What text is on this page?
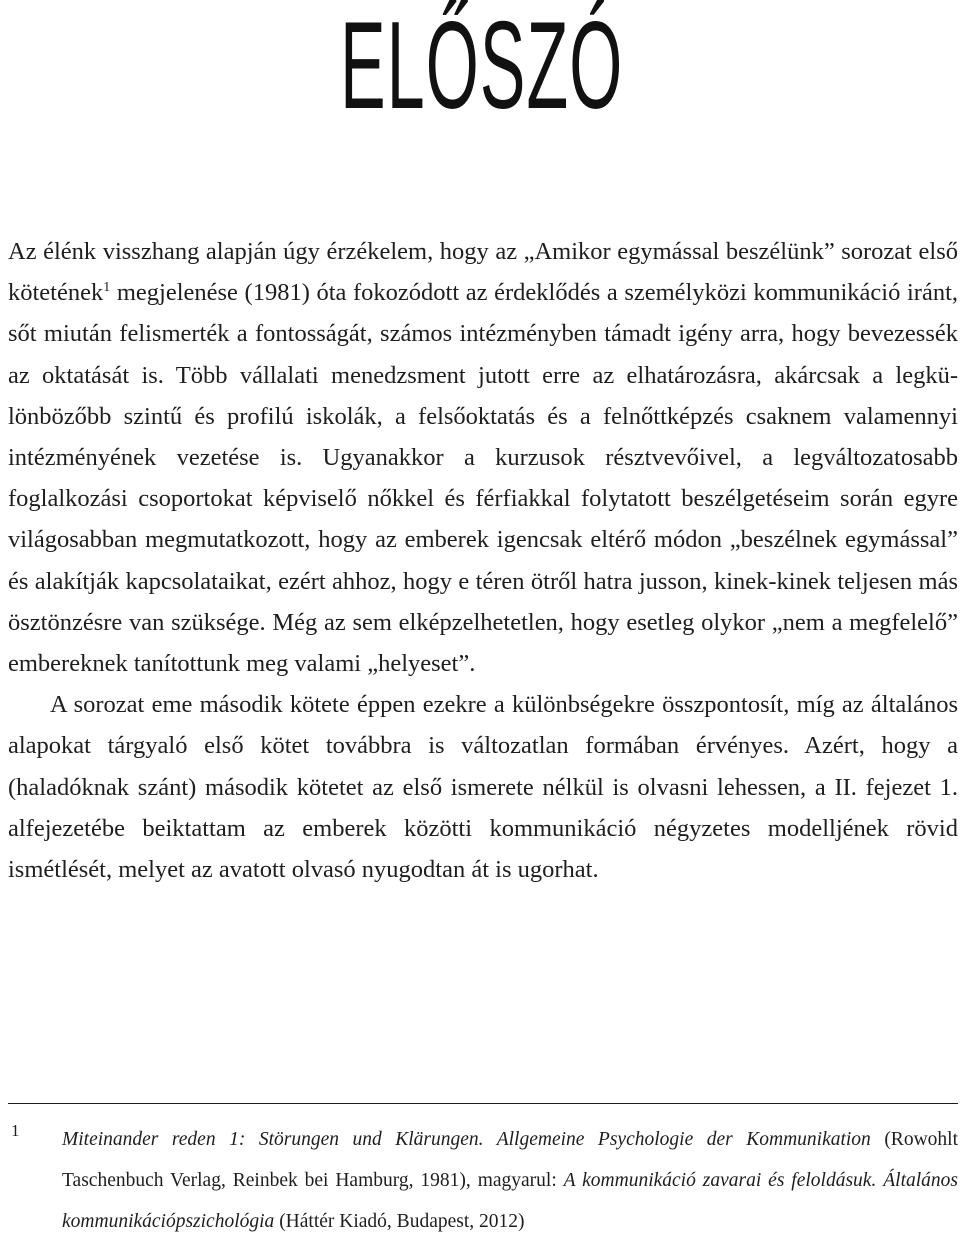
ELŐSZÓ

Az élénk visszhang alapján úgy érzékelem, hogy az „Amikor egymással beszélünk” sorozat első kötetének$^1$ megjelenése (1981) óta fokozódott az érdeklődés a személyközi kommunikáció iránt, sőt miután felismerték a fontosságát, számos intézményben támadt igény arra, hogy bevezessék az oktatását is. Több vállalati menedzsment jutott erre az elhatározásra, akárcsak a legkülönbözőbb szintű és profilú iskolák, a felsőoktatás és a felnőttképzés csaknem valamennyi intézményének vezetése is. Ugyanakkor a kurzusok résztvevőivel, a legváltozatosabb foglalkozási csoportokat képviselő nőkkel és férfiakkal folytatott beszélgetéseim során egyre világosabban megmutatkozott, hogy az emberek igencsak eltérő módon „beszélnek egymással” és alakítják kapcsolataikat, ezért ahhoz, hogy e téren ötről hatra jusson, kinek-kinek teljesen más ösztönzésre van szüksége. Még az sem elképzelhetetlen, hogy esetleg olykor „nem a megfelelő” embereknek tanítottunk meg valami „helyeset”.

A sorozat eme második kötete éppen ezekre a különbségekre összpontosít, míg az általános alapokat tárgyaló első kötet továbbra is változatlan formában érvényes. Azért, hogy a (haladóknak szánt) második kötetet az első ismerete nélkül is olvasni lehessen, a II. fejezet 1. alfejezetébe beiktattam az emberek közötti kommunikáció négyzetes modelljének rövid ismétlését, melyet az avatott olvasó nyugodtan át is ugorhat.

1 Miteinander reden 1: Störungen und Klärungen. Allgemeine Psychologie der Kommunikation (Rowohlt Taschenbuch Verlag, Reinbek bei Hamburg, 1981), magyarul: A kommunikáció zavarai és feloldásuk. Általános kommunikációpszichológia (Háttér Kiadó, Budapest, 2012)
